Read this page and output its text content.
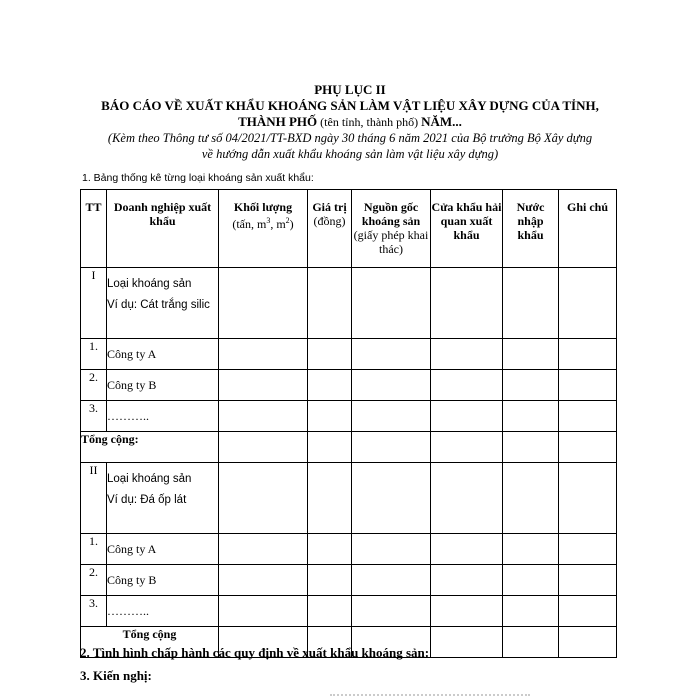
PHỤ LỤC II
BÁO CÁO VỀ XUẤT KHẨU KHOÁNG SẢN LÀM VẬT LIỆU XÂY DỰNG CỦA TỈNH,
THÀNH PHỐ (tên tỉnh, thành phố) NĂM...
(Kèm theo Thông tư số 04/2021/TT-BXD ngày 30 tháng 6 năm 2021 của Bộ trưởng Bộ Xây dựng
về hướng dẫn xuất khẩu khoáng sản làm vật liệu xây dựng)
1. Bảng thống kê từng loại khoáng sản xuất khẩu:
TT	Doanh nghiệp xuất khẩu	Khối lượng
(tấn, $m^3$, $m^2$)	Giá trị
(đồng)	Nguồn gốc khoáng sản
(giấy phép khai thác)	Cửa khẩu hải quan xuất khẩu	Nước nhập khẩu	Ghi chú
I	Loại khoáng sản
Ví dụ: Cát trắng silic						

1.	Công ty A						
2.	Công ty B						
3.	………..						
Tổng cộng:							
II	Loại khoáng sản
Ví dụ: Đá ốp lát						

1.	Công ty A						
2.	Công ty B						
3.	………..						
Tổng cộng							
2. Tình hình chấp hành các quy định về xuất khẩu khoáng sản:
3. Kiến nghị:
